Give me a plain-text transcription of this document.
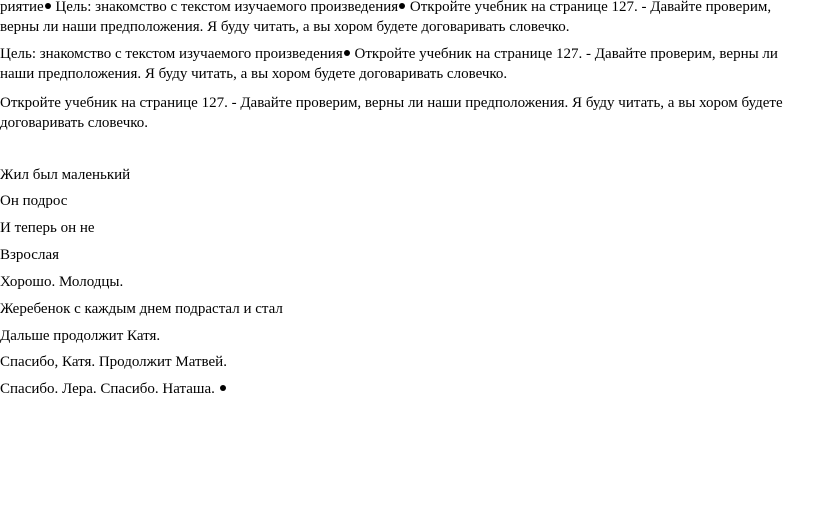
риятие Цель: знакомство с текстом изучаемого произведения Откройте учебник на странице 127. - Давайте проверим, верны ли наши предположения. Я буду читать, а вы хором будете договаривать словечко.

Цель: знакомство с текстом изучаемого произведения Откройте учебник на странице 127. - Давайте проверим, верны ли наши предположения. Я буду читать, а вы хором будете договаривать словечко.

Откройте учебник на странице 127. - Давайте проверим, верны ли наши предположения. Я буду читать, а вы хором будете договаривать словечко.

Жил был маленький

Он подрос

И теперь он не

Взрослая

Хорошо. Молодцы.

Жеребенок с каждым днем подрастал и стал

Дальше продолжит Катя.

Спасибо, Катя. Продолжит Матвей.

Спасибо. Лера. Спасибо. Наташа.
